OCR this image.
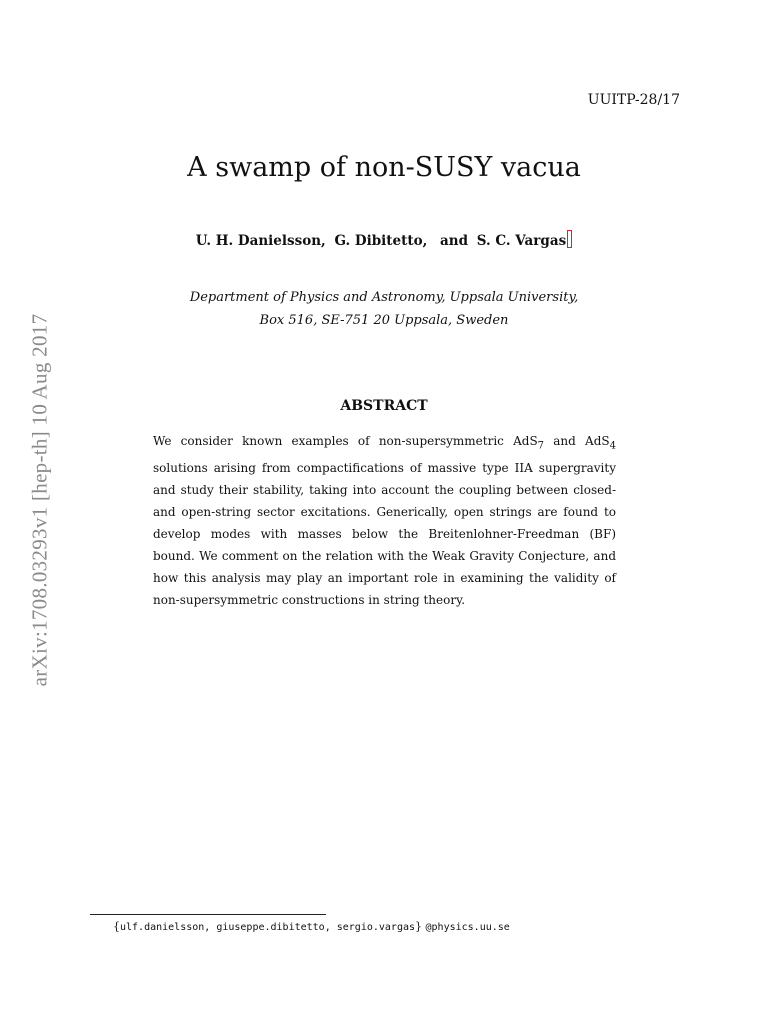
UUITP-28/17
A swamp of non-SUSY vacua
U. H. Danielsson, G. Dibitetto, and S. C. Vargas
Department of Physics and Astronomy, Uppsala University,
Box 516, SE-751 20 Uppsala, Sweden
ABSTRACT
We consider known examples of non-supersymmetric AdS$_7$ and AdS$_4$ solutions arising from compactifications of massive type IIA supergravity and study their stability, taking into account the coupling between closed- and open-string sector excitations. Generically, open strings are found to develop modes with masses below the Breitenlohner-Freedman (BF) bound. We comment on the relation with the Weak Gravity Conjecture, and how this analysis may play an important role in examining the validity of non-supersymmetric constructions in string theory.
arXiv:1708.03293v1 [hep-th] 10 Aug 2017
{ulf.danielsson, giuseppe.dibitetto, sergio.vargas} @physics.uu.se
